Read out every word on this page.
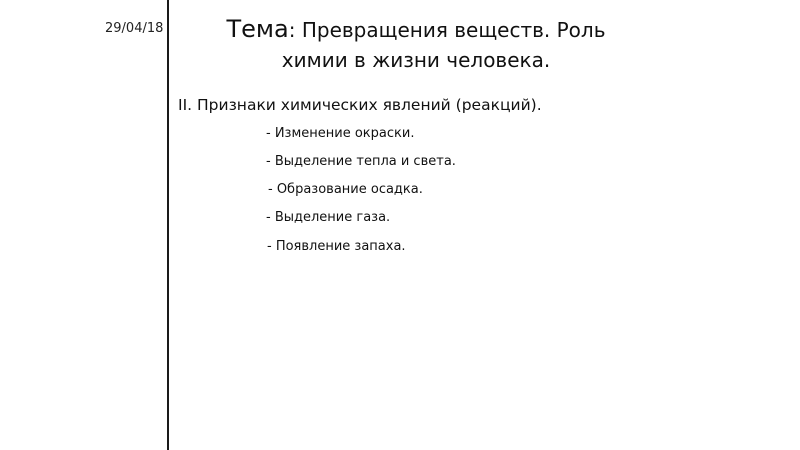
29/04/18	Тема: Превращения веществ. Роль
химии в жизни человека.
II. Признаки химических явлений (реакций).
- Изменение окраски.
- Выделение тепла и света.
- Образование осадка.
- Выделение газа.
- Появление запаха.
